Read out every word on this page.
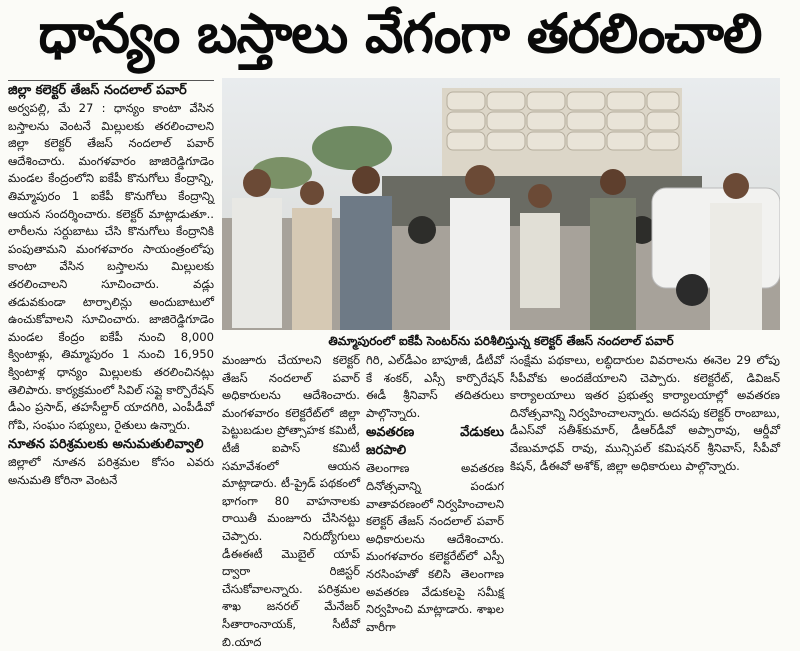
ధాన్యం బస్తాలు వేగంగా తరలించాలి

జిల్లా కలెక్టర్ తేజస్ నందలాల్ పవార్

అర్వపల్లి, మే 27 : ధాన్యం కాంటా వేసిన బస్తాలను వెంటనే మిల్లులకు తరలించాలని జిల్లా కలెక్టర్ తేజస్ నందలాల్ పవార్ ఆదేశించారు. మంగళవారం జాజిరెడ్డిగూడెం మండల కేంద్రంలోని ఐకేపీ కొనుగోలు కేంద్రాన్ని, తిమ్మాపురం 1 ఐకేపీ కొనుగోలు కేంద్రాన్ని ఆయన సందర్శించారు. కలెక్టర్ మాట్లాడుతూ.. లారీలను సర్దుబాటు చేసి కొనుగోలు కేంద్రానికి పంపుతామని మంగళవారం సాయంత్రంలోపు కాంటా వేసిన బస్తాలను మిల్లులకు తరలించాలని సూచించారు. వడ్లు తడువకుండా టార్పాలిన్లు అందుబాటులో ఉంచుకోవాలని సూచించారు. జాజిరెడ్డిగూడెం మండల కేంద్రం ఐకేపీ నుంచి 8,000 క్వింటాళ్లు, తిమ్మాపురం 1 నుంచి 16,950 క్వింటాళ్ల ధాన్యం మిల్లులకు తరలించినట్లు తెలిపారు. కార్యక్రమంలో సివిల్ సప్లై కార్పొరేషన్ డీఎం ప్రసాద్, తహసీల్దార్ యాదగిరి, ఎంపీడీవో గోపి, సంఘం సభ్యులు, రైతులు ఉన్నారు.

నూతన పరిశ్రమలకు అనుమతులివ్వాలి

జిల్లాలో నూతన పరిశ్రమల కోసం ఎవరు అనుమతి కోరినా వెంటనే

తిమ్మాపురంలో ఐకేపీ సెంటర్‌ను పరిశీలిస్తున్న కలెక్టర్ తేజస్ నందలాల్ పవార్

మంజూరు చేయాలని కలెక్టర్ తేజస్ నందలాల్ పవార్ అధికారులను ఆదేశించారు. మంగళవారం కలెక్టరేట్‌లో జిల్లా పెట్టుబడుల ప్రోత్సాహక కమిటీ, టీజీ ఐపాస్ కమిటీ సమావేశంలో ఆయన మాట్లాడారు. టీ-ప్రైడ్ పథకంలో భాగంగా 80 వాహనాలకు రాయితీ మంజూరు చేసినట్టు చెప్పారు. నిరుద్యోగులు డీఈఈటీ మొబైల్ యాప్ ద్వారా రిజిస్టర్ చేసుకోవాలన్నారు. పరిశ్రమల శాఖ జనరల్ మేనేజర్ సీతారాంనాయక్, సీటీవో బి.యాద

గిరి, ఎల్‌డీఎం బాపూజీ, డీటీవో కే శంకర్, ఎస్సీ కార్పొరేషన్ ఈడీ శ్రీనివాస్ తదితరులు పాల్గొన్నారు.

అవతరణ వేడుకలు జరపాలి

తెలంగాణ అవతరణ దినోత్సవాన్ని పండుగ వాతావరణంలో నిర్వహించాలని కలెక్టర్ తేజస్ నందలాల్ పవార్ అధికారులను ఆదేశించారు. మంగళవారం కలెక్టరేట్‌లో ఎస్పీ నరసింహతో కలిసి తెలంగాణ అవతరణ వేడుకలపై సమీక్ష నిర్వహించి మాట్లాడారు. శాఖల వారీగా

సంక్షేమ పథకాలు, లబ్ధిదారుల వివరాలను ఈనెల 29 లోపు సీపీవోకు అందజేయాలని చెప్పారు. కలెక్టరేట్, డివిజన్ కార్యాలయాలు ఇతర ప్రభుత్వ కార్యాలయాల్లో అవతరణ దినోత్సవాన్ని నిర్వహించాలన్నారు. అదనపు కలెక్టర్ రాంబాబు, డీఎస్‌వో సతీశ్‌కుమార్, డీఆర్‌డీవో అప్పారావు, ఆర్డీవో వేణుమాధవ్ రావు, మున్సిపల్ కమిషనర్ శ్రీనివాస్, సీపీవో కిషన్, డీఈవో అశోక్, జిల్లా అధికారులు పాల్గొన్నారు.
